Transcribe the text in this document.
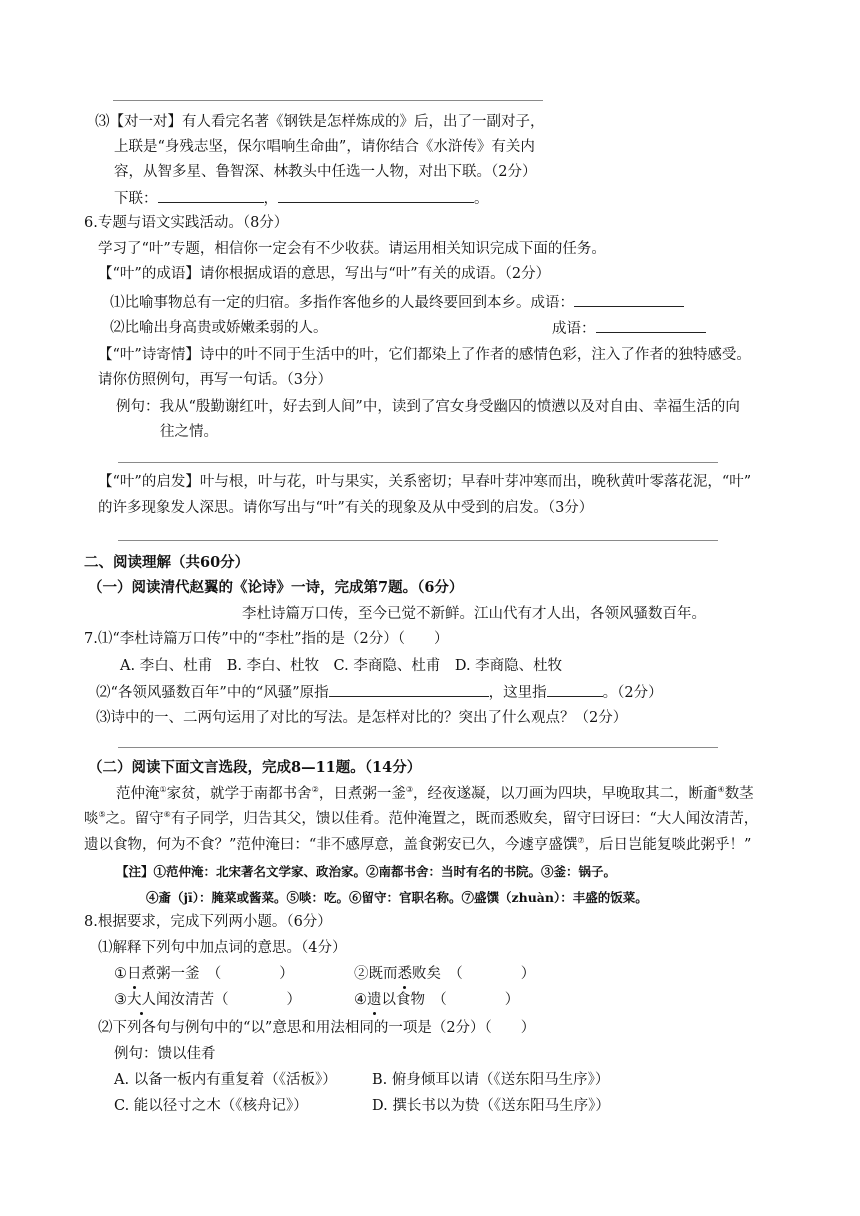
⑶【对一对】有人看完名著《钢铁是怎样炼成的》后，出了一副对子，
上联是“身残志坚，保尔唱响生命曲”，请你结合《水浒传》有关内
容，从智多星、鲁智深、林教头中任选一人物，对出下联。（2分）
下联：	，	。
6.专题与语文实践活动。（8分）
学习了“叶”专题，相信你一定会有不少收获。请运用相关知识完成下面的任务。
【“叶”的成语】请你根据成语的意思，写出与“叶”有关的成语。（2分）
⑴比喻事物总有一定的归宿。多指作客他乡的人最终要回到本乡。成语：
⑵比喻出身高贵或娇嫩柔弱的人。	成语：
【“叶”诗寄情】诗中的叶不同于生活中的叶，它们都染上了作者的感情色彩，注入了作者的独特感受。
请你仿照例句，再写一句话。（3分）
例句：我从“殷勤谢红叶，好去到人间”中，读到了宫女身受幽囚的愤懑以及对自由、幸福生活的向
往之情。
【“叶”的启发】叶与根，叶与花，叶与果实，关系密切；早春叶芽冲寒而出，晚秋黄叶零落花泥，“叶”
的许多现象发人深思。请你写出与“叶”有关的现象及从中受到的启发。（3分）
二、阅读理解（共60分）
（一）阅读清代赵翼的《论诗》一诗，完成第7题。（6分）
李杜诗篇万口传，至今已觉不新鲜。江山代有才人出，各领风骚数百年。
7.⑴“李杜诗篇万口传”中的“李杜”指的是（2分）（　　）
A. 李白、杜甫　B. 李白、杜牧　C. 李商隐、杜甫　D. 李商隐、杜牧
⑵“各领风骚数百年”中的“风骚”原指	，这里指	。（2分）
⑶诗中的一、二两句运用了对比的写法。是怎样对比的？突出了什么观点？（2分）
（二）阅读下面文言选段，完成8—11题。（14分）
范仲淹①家贫，就学于南都书舍②，日煮粥一釜③，经夜遂凝，以刀画为四块，早晚取其二，断齑④数茎
啖⑤之。留守⑥有子同学，归告其父，馈以佳肴。范仲淹置之，既而悉败矣，留守曰讶曰：“大人闻汝清苦，
遗以食物，何为不食？”范仲淹曰：“非不感厚意，盖食粥安已久，今遽亨盛馔⑦，后日岂能复啖此粥乎！”
【注】①范仲淹：北宋著名文学家、政治家。②南都书舍：当时有名的书院。③釜：锅子。
④齑（jī）：腌菜或酱菜。⑤啖：吃。⑥留守：官职名称。⑦盛馔（zhuàn）：丰盛的饭菜。
8.根据要求，完成下列两小题。（6分）
⑴解释下列句中加点词的意思。（4分）
①日煮粥一釜　（　　　　）	②既而悉败矣　（　　　　）
③大人闻汝清苦（　　　　）	④遗以食物　（　　　　）
⑵下列各句与例句中的“以”意思和用法相同的一项是（2分）（　　）
例句：馈以佳肴
A. 以备一板内有重复着（《活板》） B. 俯身倾耳以请（《送东阳马生序》）
C. 能以径寸之木（《核舟记》）	D. 撰长书以为贽（《送东阳马生序》）
